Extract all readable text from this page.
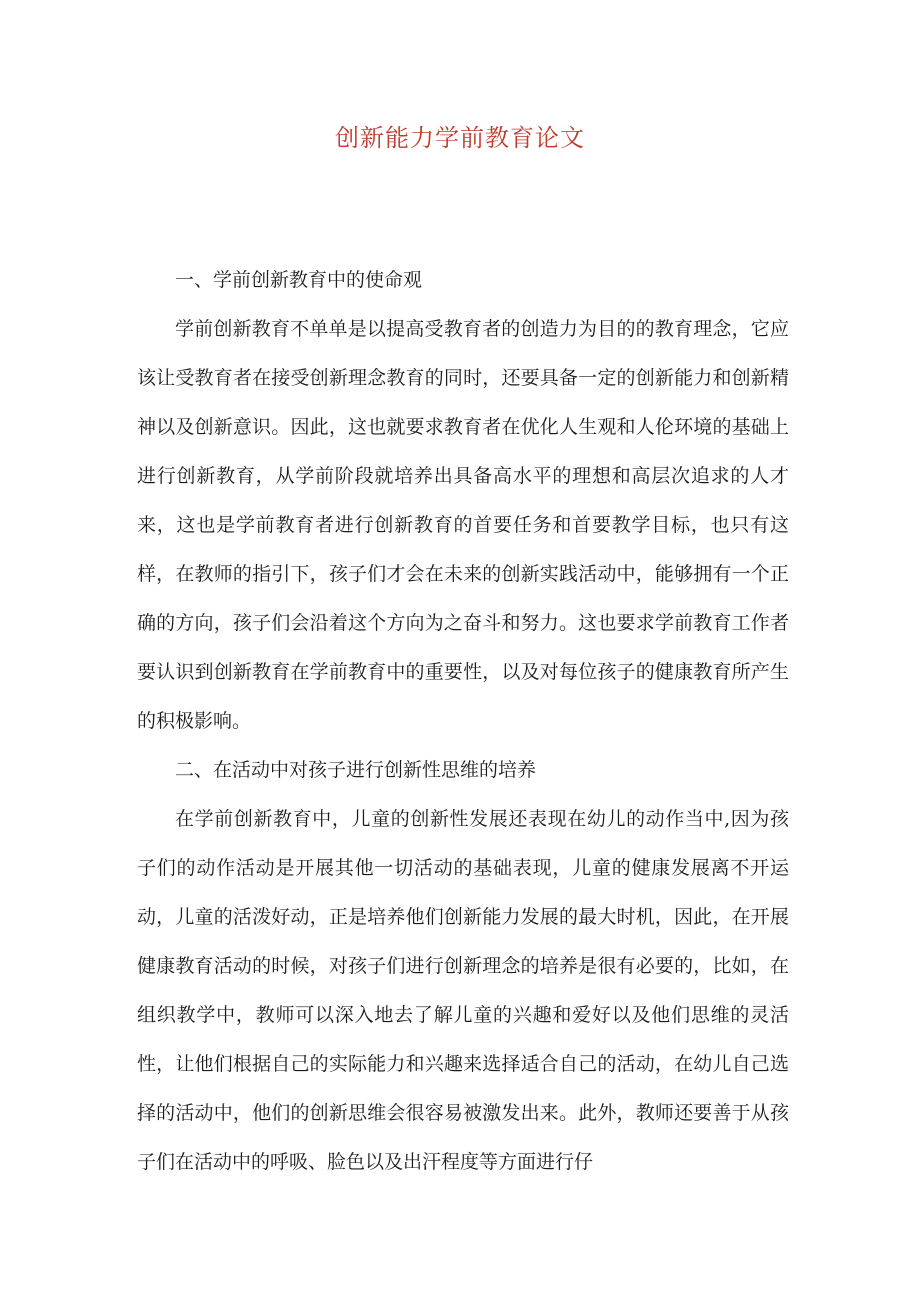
创新能力学前教育论文

一、学前创新教育中的使命观

学前创新教育不单单是以提高受教育者的创造力为目的的教育理念，它应该让受教育者在接受创新理念教育的同时，还要具备一定的创新能力和创新精神以及创新意识。因此，这也就要求教育者在优化人生观和人伦环境的基础上进行创新教育，从学前阶段就培养出具备高水平的理想和高层次追求的人才来，这也是学前教育者进行创新教育的首要任务和首要教学目标，也只有这样，在教师的指引下，孩子们才会在未来的创新实践活动中，能够拥有一个正确的方向，孩子们会沿着这个方向为之奋斗和努力。这也要求学前教育工作者要认识到创新教育在学前教育中的重要性，以及对每位孩子的健康教育所产生的积极影响。

二、在活动中对孩子进行创新性思维的培养

在学前创新教育中，儿童的创新性发展还表现在幼儿的动作当中,因为孩子们的动作活动是开展其他一切活动的基础表现，儿童的健康发展离不开运动，儿童的活泼好动，正是培养他们创新能力发展的最大时机，因此，在开展健康教育活动的时候，对孩子们进行创新理念的培养是很有必要的，比如，在组织教学中，教师可以深入地去了解儿童的兴趣和爱好以及他们思维的灵活性，让他们根据自己的实际能力和兴趣来选择适合自己的活动，在幼儿自己选择的活动中，他们的创新思维会很容易被激发出来。此外，教师还要善于从孩子们在活动中的呼吸、脸色以及出汗程度等方面进行仔
